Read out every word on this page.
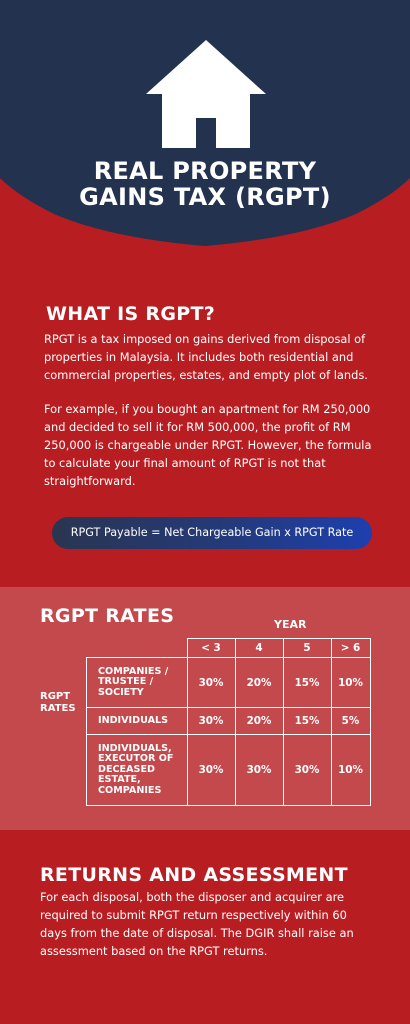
REAL PROPERTY
GAINS TAX (RGPT)
WHAT IS RGPT?

RPGT is a tax imposed on gains derived from disposal of properties in Malaysia. It includes both residential and commercial properties, estates, and empty plot of lands.

For example, if you bought an apartment for RM 250,000 and decided to sell it for RM 500,000, the profit of RM 250,000 is chargeable under RPGT. However, the formula to calculate your final amount of RPGT is not that straightforward.

RPGT Payable = Net Chargeable Gain x RPGT Rate
RGPT RATES	YEAR
RGPT RATES
	< 3	4	5	> 6
COMPANIES / TRUSTEE / SOCIETY	30%	20%	15%	10%
INDIVIDUALS	30%	20%	15%	5%
INDIVIDUALS, EXECUTOR OF DECEASED ESTATE, COMPANIES	30%	30%	30%	10%
RETURNS AND ASSESSMENT

For each disposal, both the disposer and acquirer are required to submit RPGT return respectively within 60 days from the date of disposal. The DGIR shall raise an assessment based on the RPGT returns.
